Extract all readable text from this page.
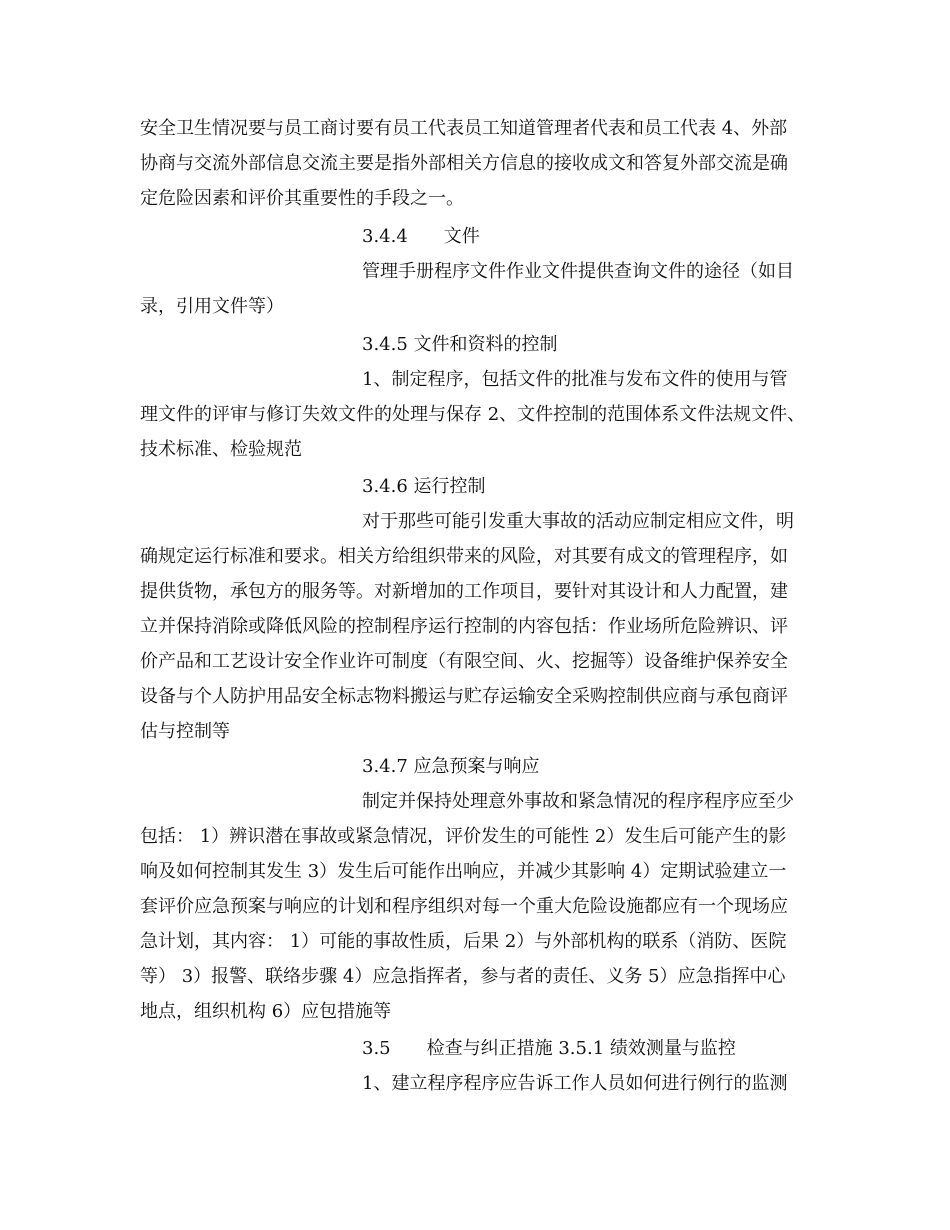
安全卫生情况要与员工商讨要有员工代表员工知道管理者代表和员工代表 4、外部
协商与交流外部信息交流主要是指外部相关方信息的接收成文和答复外部交流是确
定危险因素和评价其重要性的手段之一。
3.4.4　　文件
管理手册程序文件作业文件提供查询文件的途径（如目
录，引用文件等）
3.4.5 文件和资料的控制
1、制定程序，包括文件的批准与发布文件的使用与管
理文件的评审与修订失效文件的处理与保存 2、文件控制的范围体系文件法规文件、
技术标准、检验规范
3.4.6 运行控制
对于那些可能引发重大事故的活动应制定相应文件，明
确规定运行标准和要求。相关方给组织带来的风险，对其要有成文的管理程序，如
提供货物，承包方的服务等。对新增加的工作项目，要针对其设计和人力配置，建
立并保持消除或降低风险的控制程序运行控制的内容包括：作业场所危险辨识、评
价产品和工艺设计安全作业许可制度（有限空间、火、挖掘等）设备维护保养安全
设备与个人防护用品安全标志物料搬运与贮存运输安全采购控制供应商与承包商评
估与控制等
3.4.7 应急预案与响应
制定并保持处理意外事故和紧急情况的程序程序应至少
包括： 1）辨识潜在事故或紧急情况，评价发生的可能性 2）发生后可能产生的影
响及如何控制其发生 3）发生后可能作出响应，并减少其影响 4）定期试验建立一
套评价应急预案与响应的计划和程序组织对每一个重大危险设施都应有一个现场应
急计划，其内容： 1）可能的事故性质，后果 2）与外部机构的联系（消防、医院
等） 3）报警、联络步骤 4）应急指挥者，参与者的责任、义务 5）应急指挥中心
地点，组织机构 6）应包措施等
3.5　　检查与纠正措施 3.5.1 绩效测量与监控
1、建立程序程序应告诉工作人员如何进行例行的监测
